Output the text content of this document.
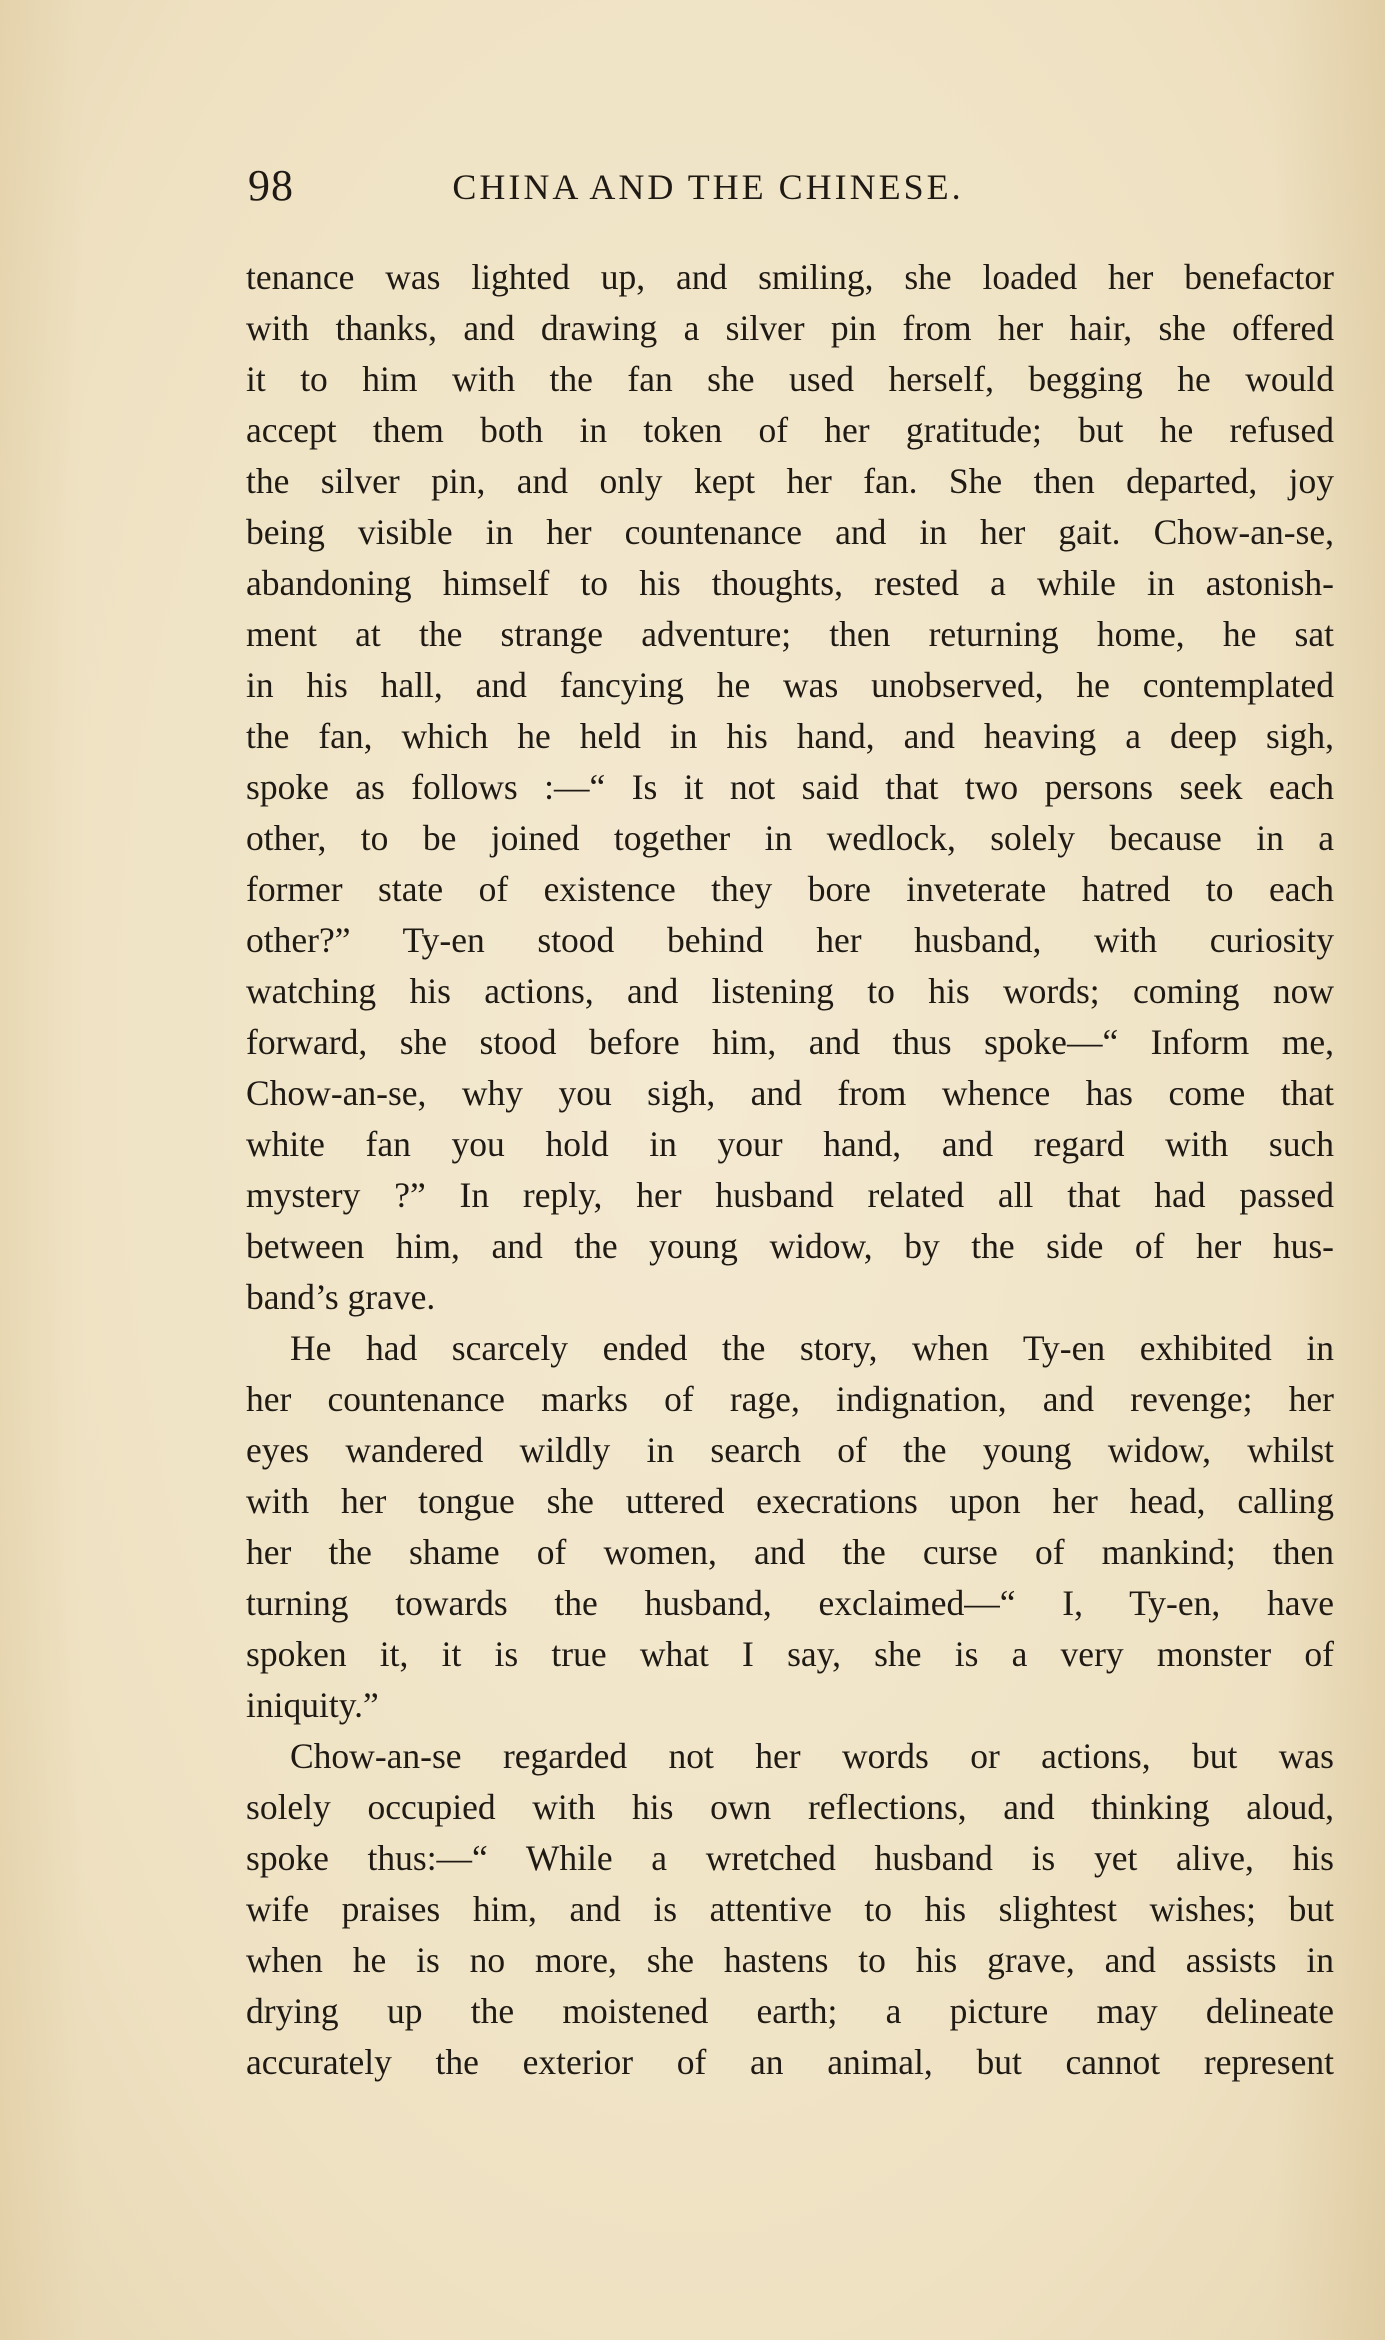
98	CHINA AND THE CHINESE.
tenance was lighted up, and smiling, she loaded her benefactor
with thanks, and drawing a silver pin from her hair, she offered
it to him with the fan she used herself, begging he would
accept them both in token of her gratitude; but he refused
the silver pin, and only kept her fan. She then departed, joy
being visible in her countenance and in her gait. Chow-an-se,
abandoning himself to his thoughts, rested a while in astonish-
ment at the strange adventure; then returning home, he sat
in his hall, and fancying he was unobserved, he contemplated
the fan, which he held in his hand, and heaving a deep sigh,
spoke as follows :—“ Is it not said that two persons seek each
other, to be joined together in wedlock, solely because in a
former state of existence they bore inveterate hatred to each
other?” Ty-en stood behind her husband, with curiosity
watching his actions, and listening to his words; coming now
forward, she stood before him, and thus spoke—“ Inform me,
Chow-an-se, why you sigh, and from whence has come that
white fan you hold in your hand, and regard with such
mystery ?” In reply, her husband related all that had passed
between him, and the young widow, by the side of her hus-
band’s grave.
He had scarcely ended the story, when Ty-en exhibited in
her countenance marks of rage, indignation, and revenge; her
eyes wandered wildly in search of the young widow, whilst
with her tongue she uttered execrations upon her head, calling
her the shame of women, and the curse of mankind; then
turning towards the husband, exclaimed—“ I, Ty-en, have
spoken it, it is true what I say, she is a very monster of
iniquity.”
Chow-an-se regarded not her words or actions, but was
solely occupied with his own reflections, and thinking aloud,
spoke thus:—“ While a wretched husband is yet alive, his
wife praises him, and is attentive to his slightest wishes; but
when he is no more, she hastens to his grave, and assists in
drying up the moistened earth; a picture may delineate
accurately the exterior of an animal, but cannot represent
